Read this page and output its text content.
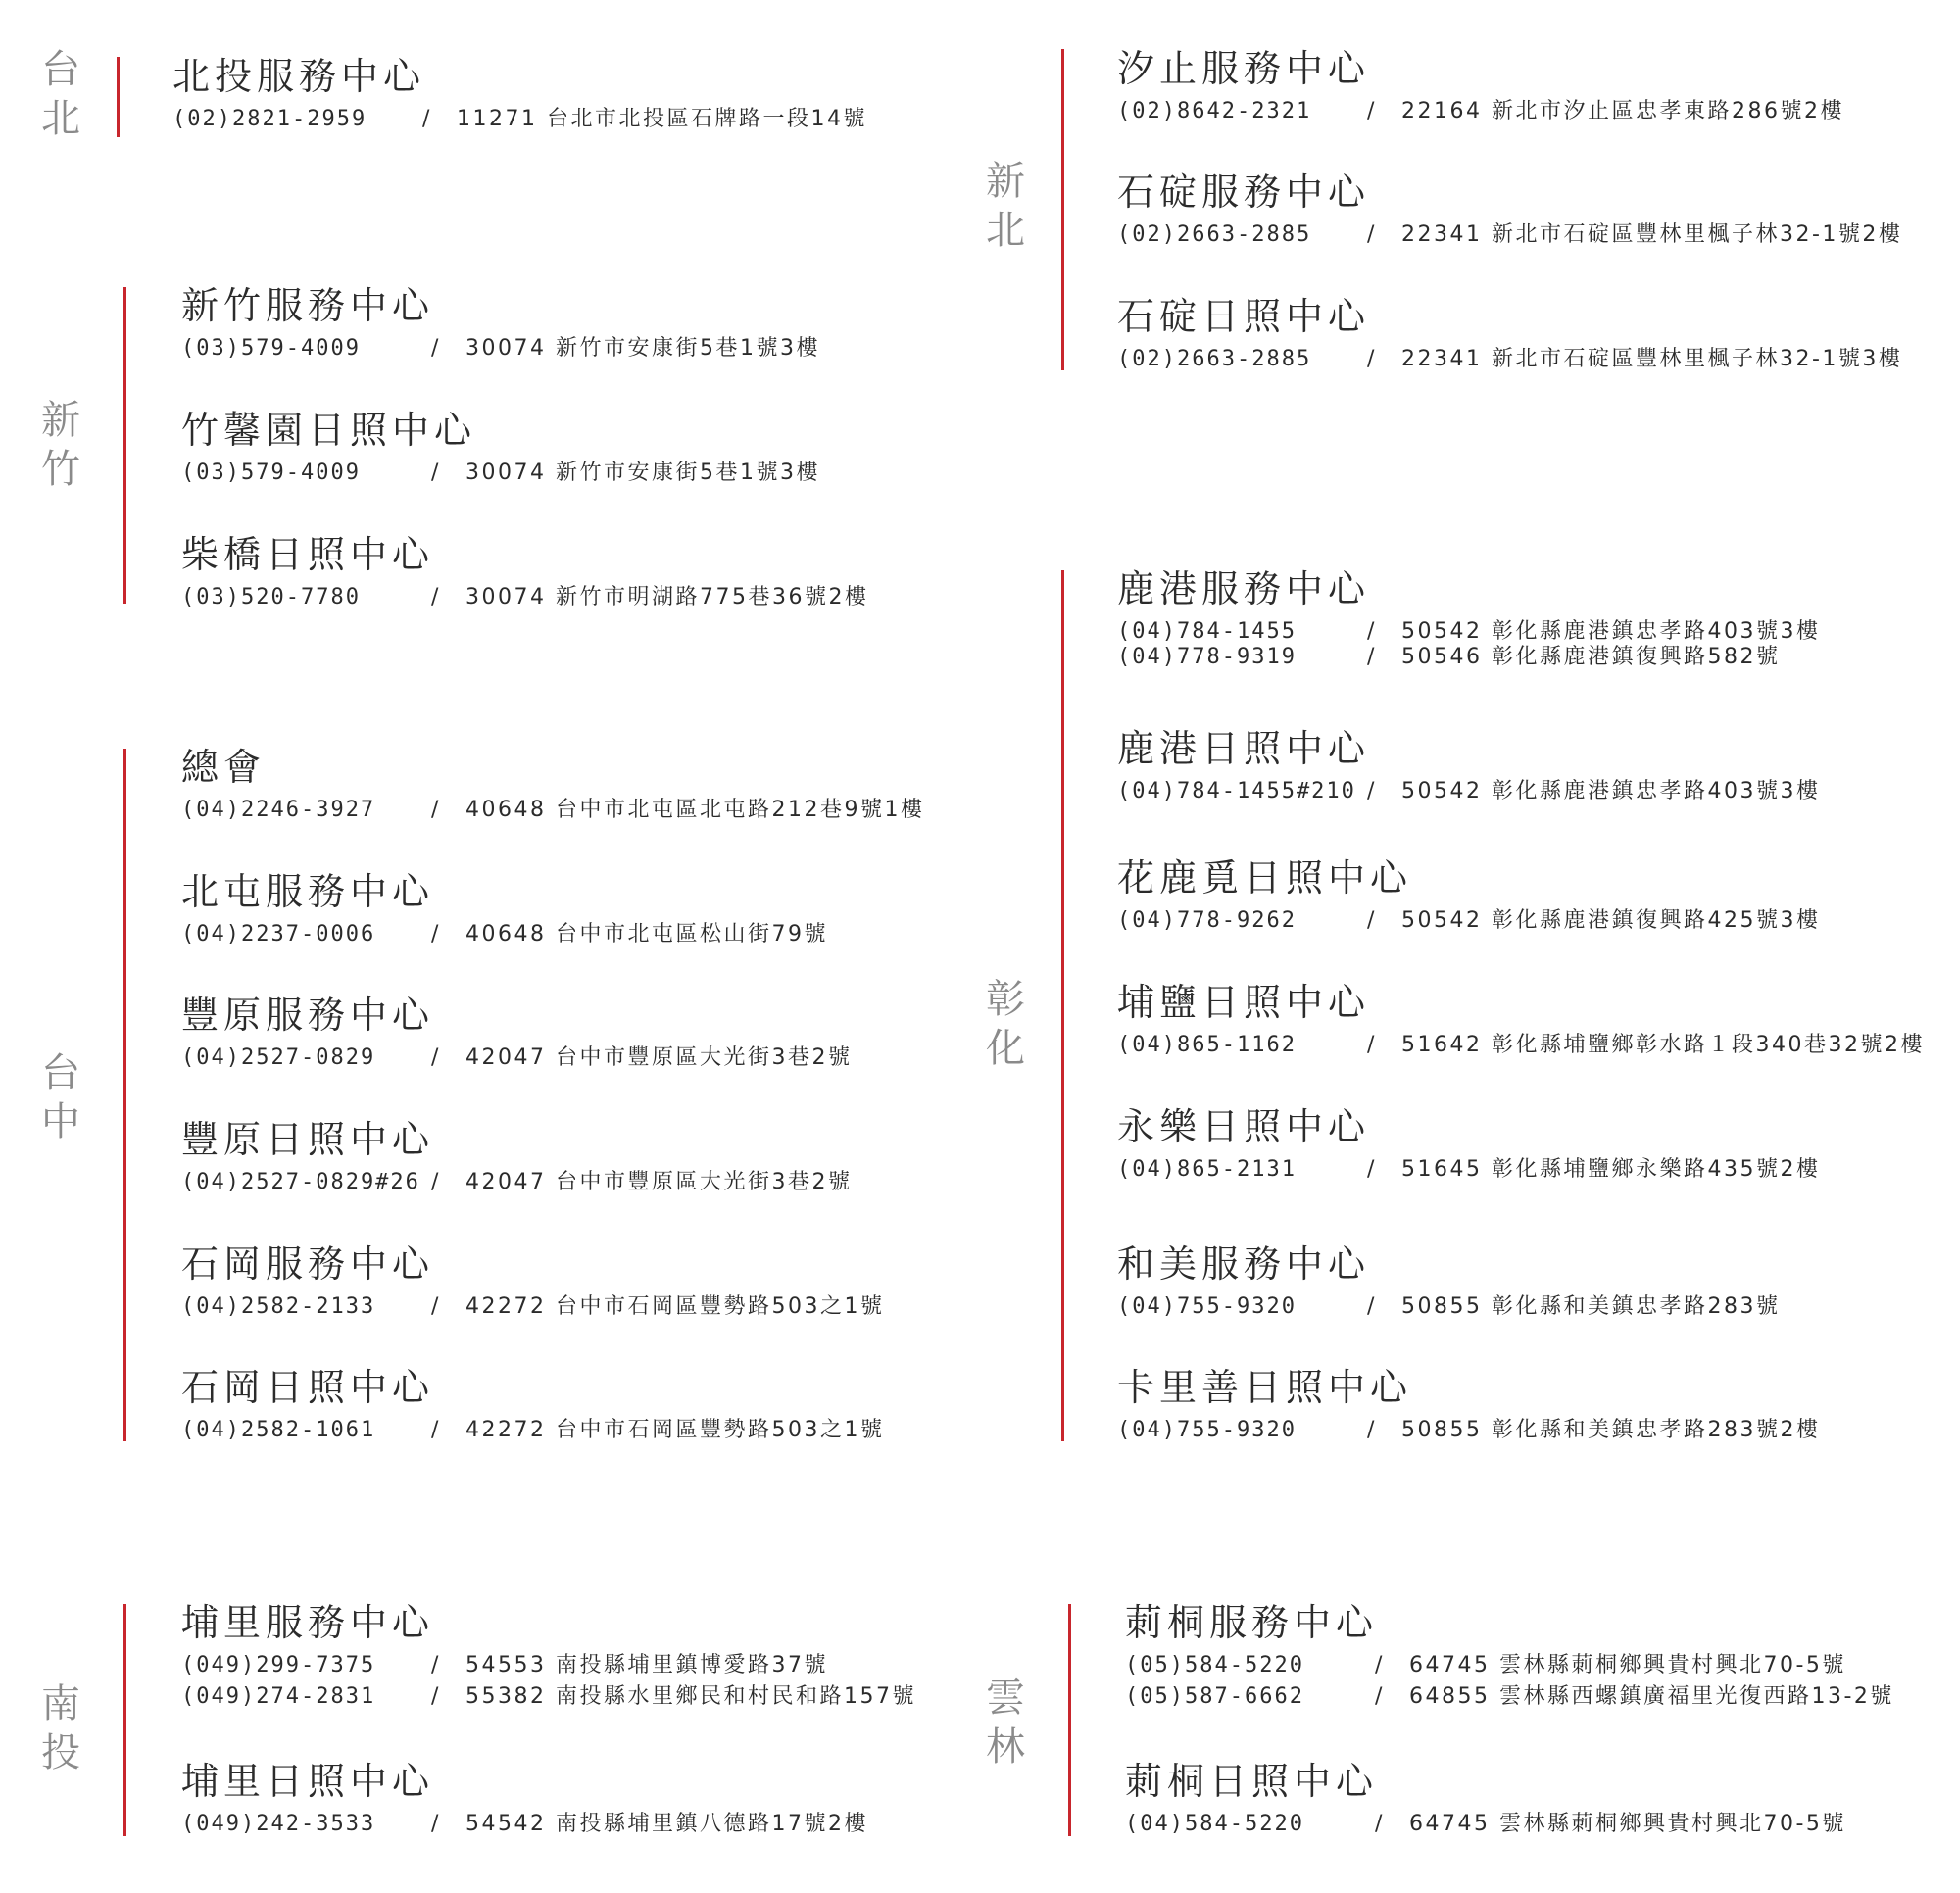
台北
北投服務中心
(02)2821-2959	/ 11271 台北市北投區石牌路一段14號
新竹
新竹服務中心
(03)579-4009	/ 30074 新竹市安康街5巷1號3樓
竹馨園日照中心
(03)579-4009	/ 30074 新竹市安康街5巷1號3樓
柴橋日照中心
(03)520-7780	/ 30074 新竹市明湖路775巷36號2樓
台中
總會
(04)2246-3927	/ 40648 台中市北屯區北屯路212巷9號1樓
北屯服務中心
(04)2237-0006	/ 40648 台中市北屯區松山街79號
豐原服務中心
(04)2527-0829	/ 42047 台中市豐原區大光街3巷2號
豐原日照中心
(04)2527-0829#26 / 42047 台中市豐原區大光街3巷2號
石岡服務中心
(04)2582-2133	/ 42272 台中市石岡區豐勢路503之1號
石岡日照中心
(04)2582-1061	/ 42272 台中市石岡區豐勢路503之1號
南投
埔里服務中心
(049)299-7375	/ 54553 南投縣埔里鎮博愛路37號
(049)274-2831	/ 55382 南投縣水里鄉民和村民和路157號
埔里日照中心
(049)242-3533	/ 54542 南投縣埔里鎮八德路17號2樓
新北
汐止服務中心
(02)8642-2321	/ 22164 新北市汐止區忠孝東路286號2樓
石碇服務中心
(02)2663-2885	/ 22341 新北市石碇區豐林里楓子林32-1號2樓
石碇日照中心
(02)2663-2885	/ 22341 新北市石碇區豐林里楓子林32-1號3樓
彰化
鹿港服務中心
(04)784-1455	/ 50542 彰化縣鹿港鎮忠孝路403號3樓
(04)778-9319	/ 50546 彰化縣鹿港鎮復興路582號
鹿港日照中心
(04)784-1455#210 / 50542 彰化縣鹿港鎮忠孝路403號3樓
花鹿覓日照中心
(04)778-9262	/ 50542 彰化縣鹿港鎮復興路425號3樓
埔鹽日照中心
(04)865-1162	/ 51642 彰化縣埔鹽鄉彰水路１段340巷32號2樓
永樂日照中心
(04)865-2131	/ 51645 彰化縣埔鹽鄉永樂路435號2樓
和美服務中心
(04)755-9320	/ 50855 彰化縣和美鎮忠孝路283號
卡里善日照中心
(04)755-9320	/ 50855 彰化縣和美鎮忠孝路283號2樓
雲林
莿桐服務中心
(05)584-5220	/ 64745 雲林縣莿桐鄉興貴村興北70-5號
(05)587-6662	/ 64855 雲林縣西螺鎮廣福里光復西路13-2號
莿桐日照中心
(04)584-5220	/ 64745 雲林縣莿桐鄉興貴村興北70-5號
